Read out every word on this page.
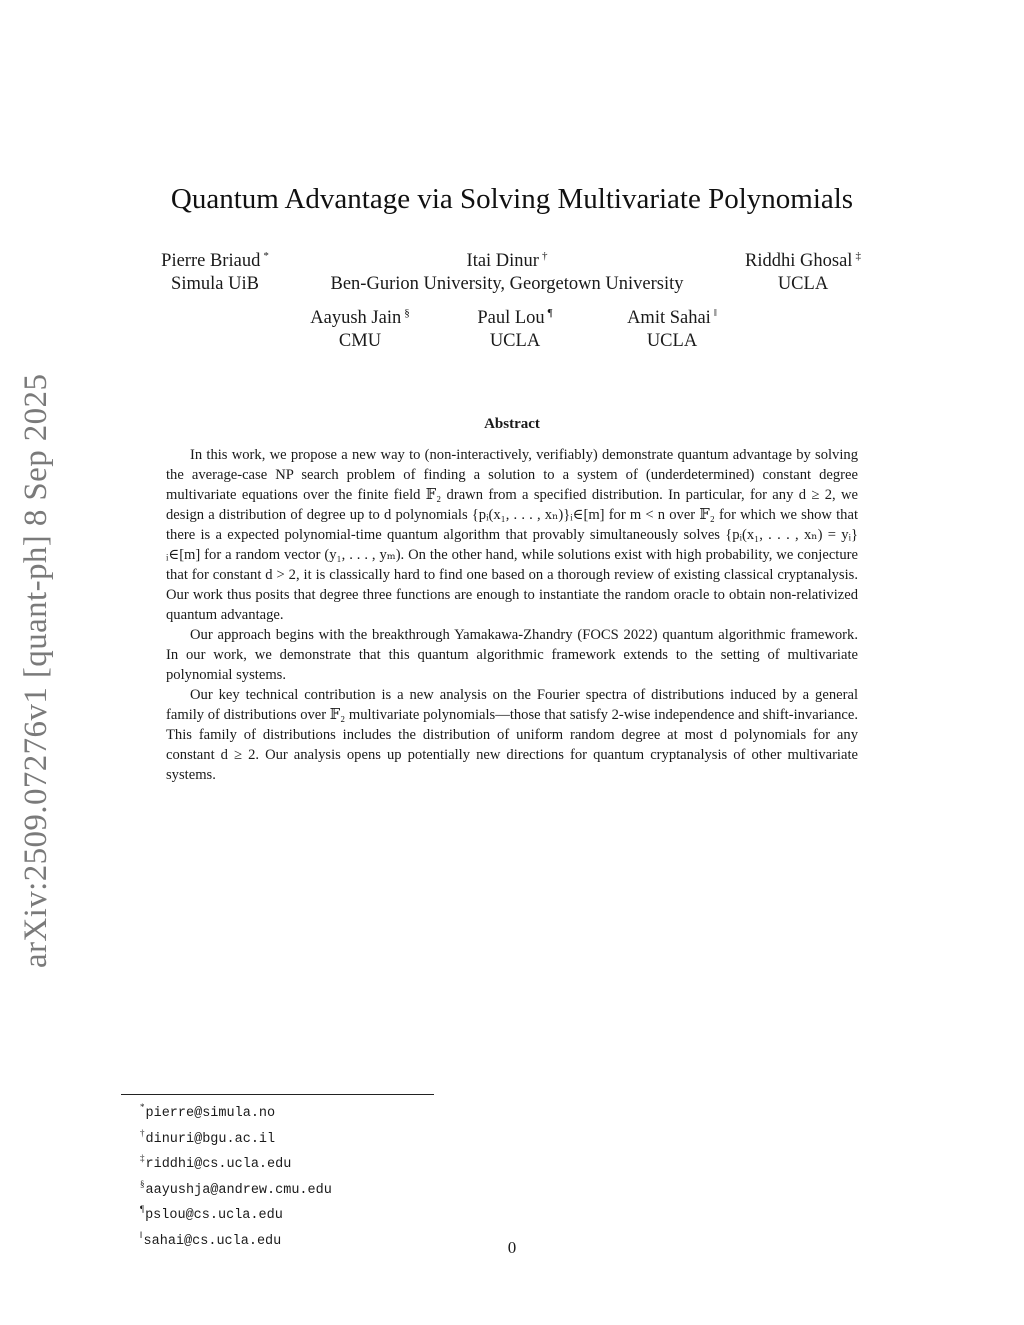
arXiv:2509.07276v1 [quant-ph] 8 Sep 2025
Quantum Advantage via Solving Multivariate Polynomials
Pierre Briaud *
Simula UiB
Itai Dinur †
Ben-Gurion University, Georgetown University
Riddhi Ghosal ‡
UCLA
Aayush Jain §
CMU
Paul Lou ¶
UCLA
Amit Sahai ‖
UCLA
Abstract

In this work, we propose a new way to (non-interactively, verifiably) demonstrate quantum advantage by solving the average-case NP search problem of finding a solution to a system of (underdetermined) constant degree multivariate equations over the finite field 𝔽₂ drawn from a specified distribution. In particular, for any d ≥ 2, we design a distribution of degree up to d polynomials {pᵢ(x₁, . . . , xₙ)}ᵢ∈[m] for m < n over 𝔽₂ for which we show that there is a expected polynomial-time quantum algorithm that provably simultaneously solves {pᵢ(x₁, . . . , xₙ) = yᵢ}ᵢ∈[m] for a random vector (y₁, . . . , yₘ). On the other hand, while solutions exist with high probability, we conjecture that for constant d > 2, it is classically hard to find one based on a thorough review of existing classical cryptanalysis. Our work thus posits that degree three functions are enough to instantiate the random oracle to obtain non-relativized quantum advantage.

Our approach begins with the breakthrough Yamakawa-Zhandry (FOCS 2022) quantum algorithmic framework. In our work, we demonstrate that this quantum algorithmic framework extends to the setting of multivariate polynomial systems.

Our key technical contribution is a new analysis on the Fourier spectra of distributions induced by a general family of distributions over 𝔽₂ multivariate polynomials—those that satisfy 2-wise independence and shift-invariance. This family of distributions includes the distribution of uniform random degree at most d polynomials for any constant d ≥ 2. Our analysis opens up potentially new directions for quantum cryptanalysis of other multivariate systems.

*pierre@simula.no
†dinuri@bgu.ac.il
‡riddhi@cs.ucla.edu
§aayushja@andrew.cmu.edu
¶pslou@cs.ucla.edu
‖sahai@cs.ucla.edu	0
